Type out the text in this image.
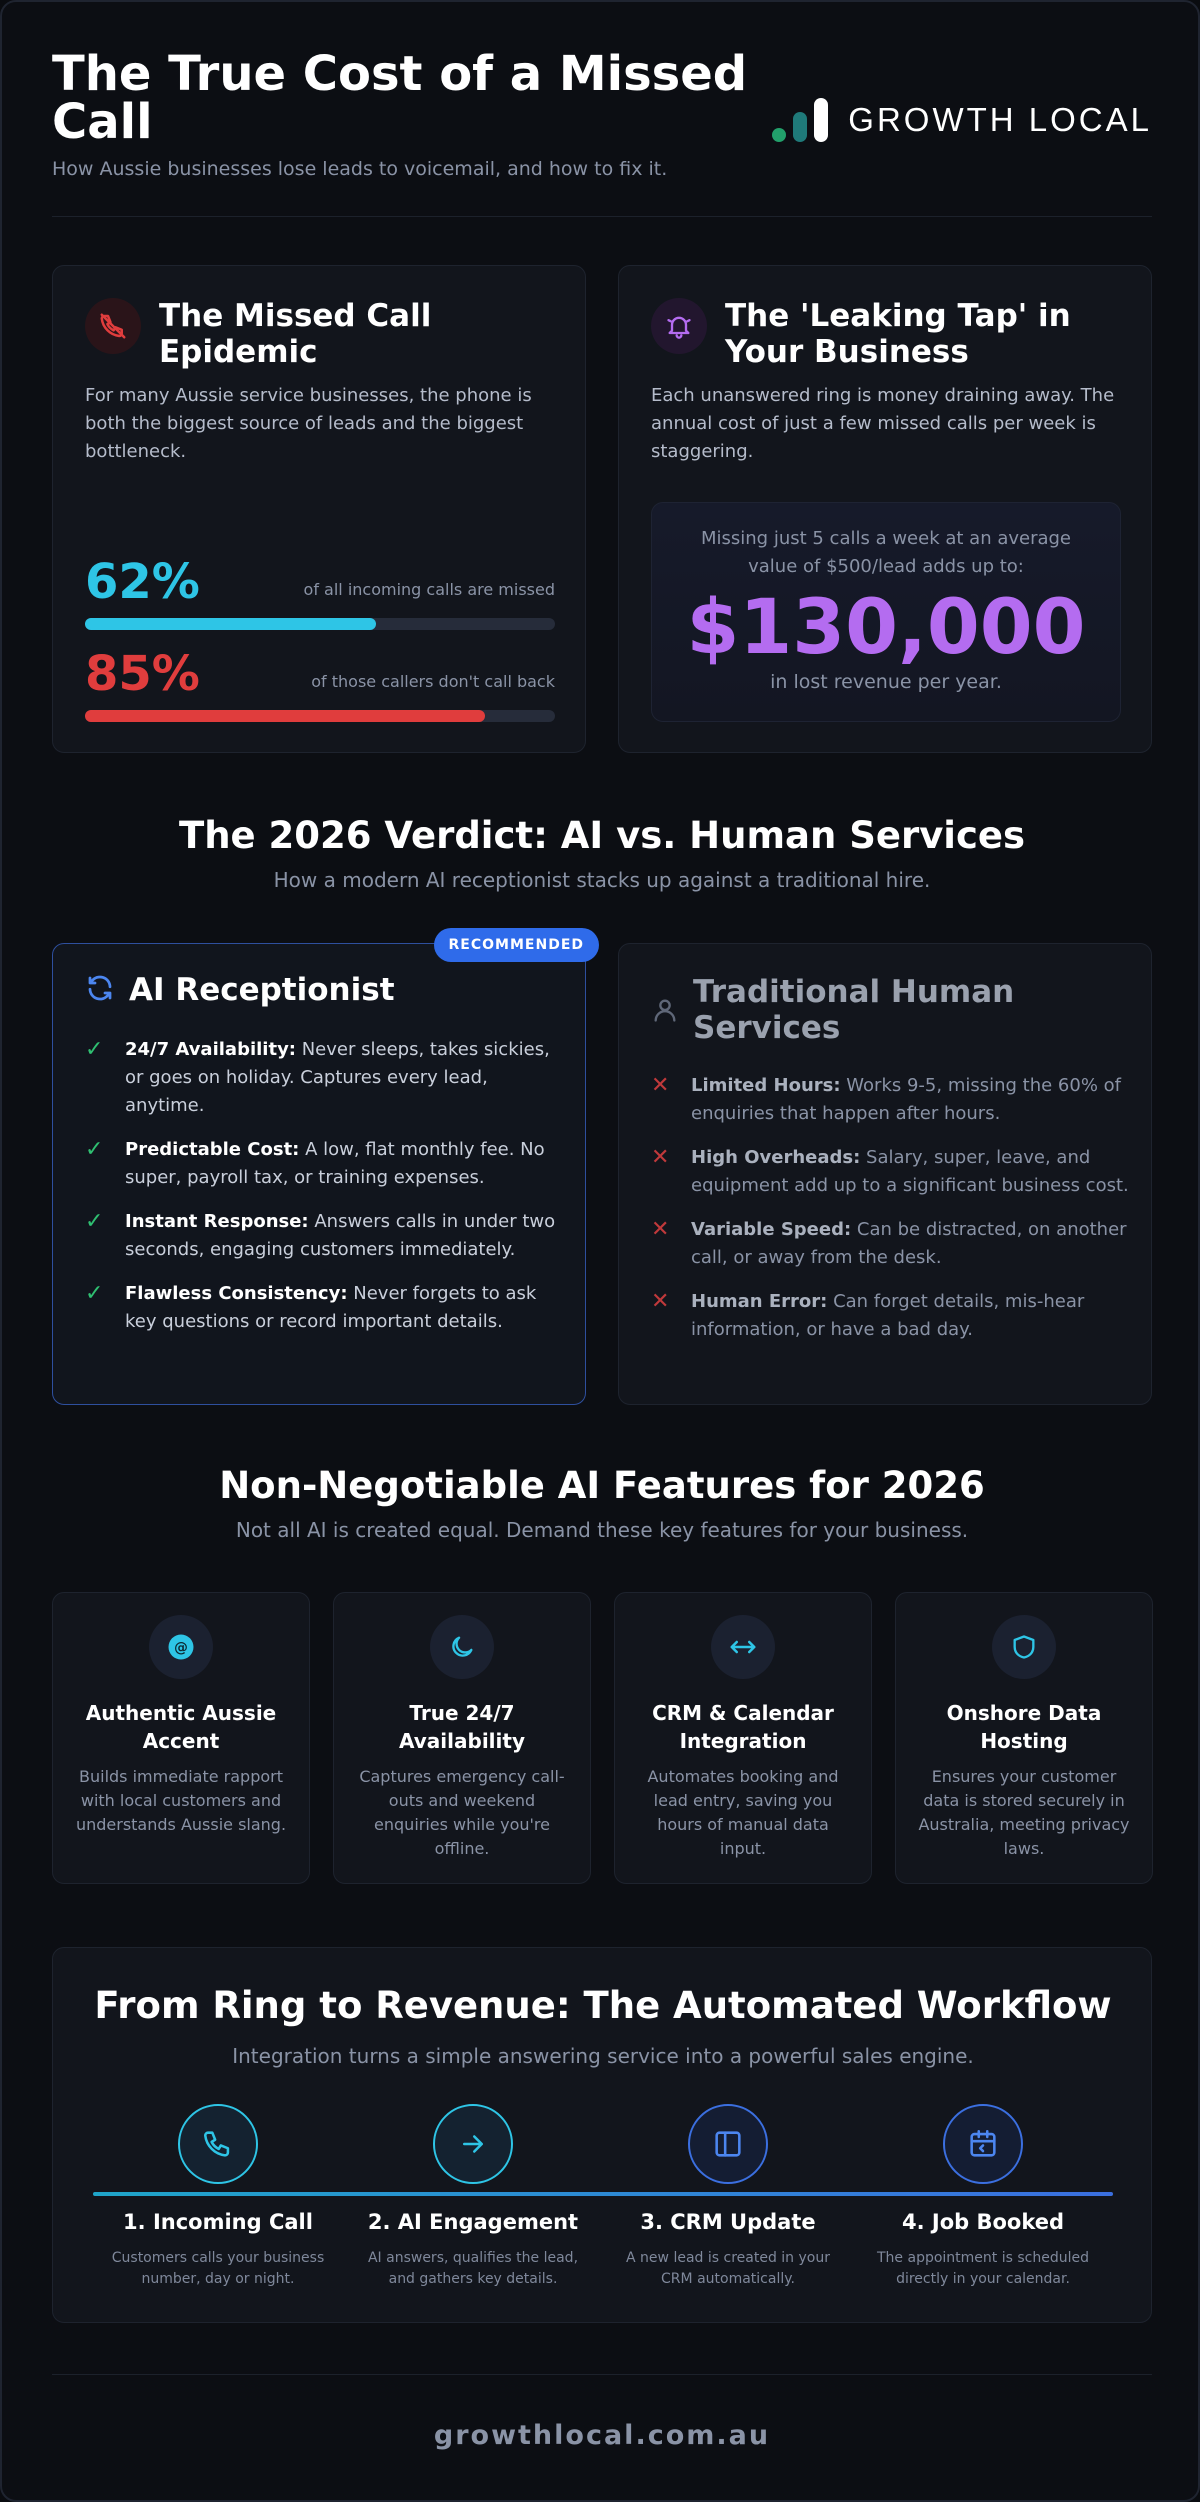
The True Cost of a Missed Call
How Aussie businesses lose leads to voicemail, and how to fix it.
GROWTH LOCAL
The Missed Call Epidemic
For many Aussie service businesses, the phone is both the biggest source of leads and the biggest bottleneck.
62%	of all incoming calls are missed
85%	of those callers don't call back
The 'Leaking Tap' in Your Business
Each unanswered ring is money draining away. The annual cost of just a few missed calls per week is staggering.
Missing just 5 calls a week at an average value of $500/lead adds up to:
$130,000
in lost revenue per year.
The 2026 Verdict: AI vs. Human Services
How a modern AI receptionist stacks up against a traditional hire.
RECOMMENDED
AI Receptionist
✓	24/7 Availability: Never sleeps, takes sickies, or goes on holiday. Captures every lead, anytime.
✓	Predictable Cost: A low, flat monthly fee. No super, payroll tax, or training expenses.
✓	Instant Response: Answers calls in under two seconds, engaging customers immediately.
✓	Flawless Consistency: Never forgets to ask key questions or record important details.
Traditional Human Services
✕	Limited Hours: Works 9-5, missing the 60% of enquiries that happen after hours.
✕	High Overheads: Salary, super, leave, and equipment add up to a significant business cost.
✕	Variable Speed: Can be distracted, on another call, or away from the desk.
✕	Human Error: Can forget details, mis-hear information, or have a bad day.
Non-Negotiable AI Features for 2026
Not all AI is created equal. Demand these key features for your business.
@
Authentic Aussie Accent
Builds immediate rapport with local customers and understands Aussie slang.
True 24/7 Availability
Captures emergency call-outs and weekend enquiries while you're offline.
CRM & Calendar Integration
Automates booking and lead entry, saving you hours of manual data input.
Onshore Data Hosting
Ensures your customer data is stored securely in Australia, meeting privacy laws.
From Ring to Revenue: The Automated Workflow
Integration turns a simple answering service into a powerful sales engine.
1. Incoming Call
Customers calls your business number, day or night.
2. AI Engagement
AI answers, qualifies the lead, and gathers key details.
3. CRM Update
A new lead is created in your CRM automatically.
4. Job Booked
The appointment is scheduled directly in your calendar.
growthlocal.com.au
